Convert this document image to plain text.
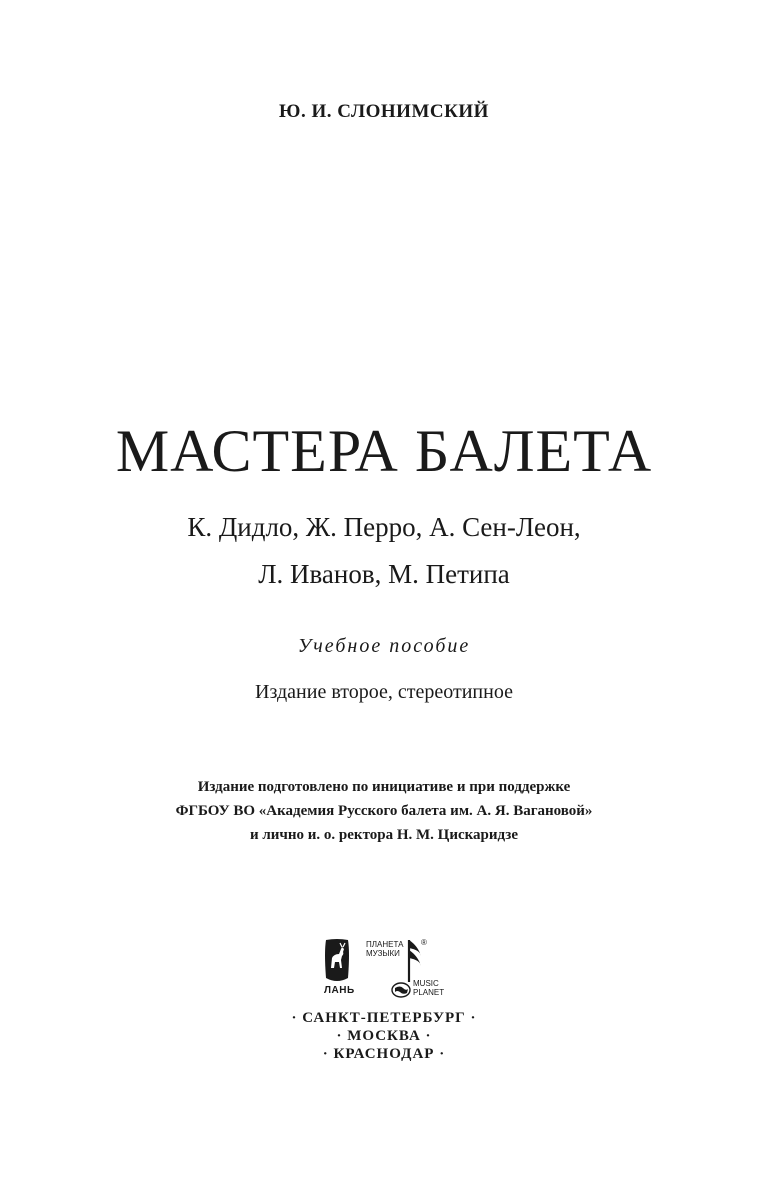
Ю. И. СЛОНИМСКИЙ
МАСТЕРА БАЛЕТА
К. Дидло, Ж. Перро, А. Сен-Леон,
Л. Иванов, М. Петипа
Учебное пособие
Издание второе, стереотипное
Издание подготовлено по инициативе и при поддержке
ФГБОУ ВО «Академия Русского балета им. А. Я. Вагановой»
и лично и. о. ректора Н. М. Цискаридзе
ЛАНЬ
ПЛАНЕТА
МУЗЫКИ
®
MUSIC
PLANET
· САНКТ-ПЕТЕРБУРГ ·
· МОСКВА ·
· КРАСНОДАР ·
